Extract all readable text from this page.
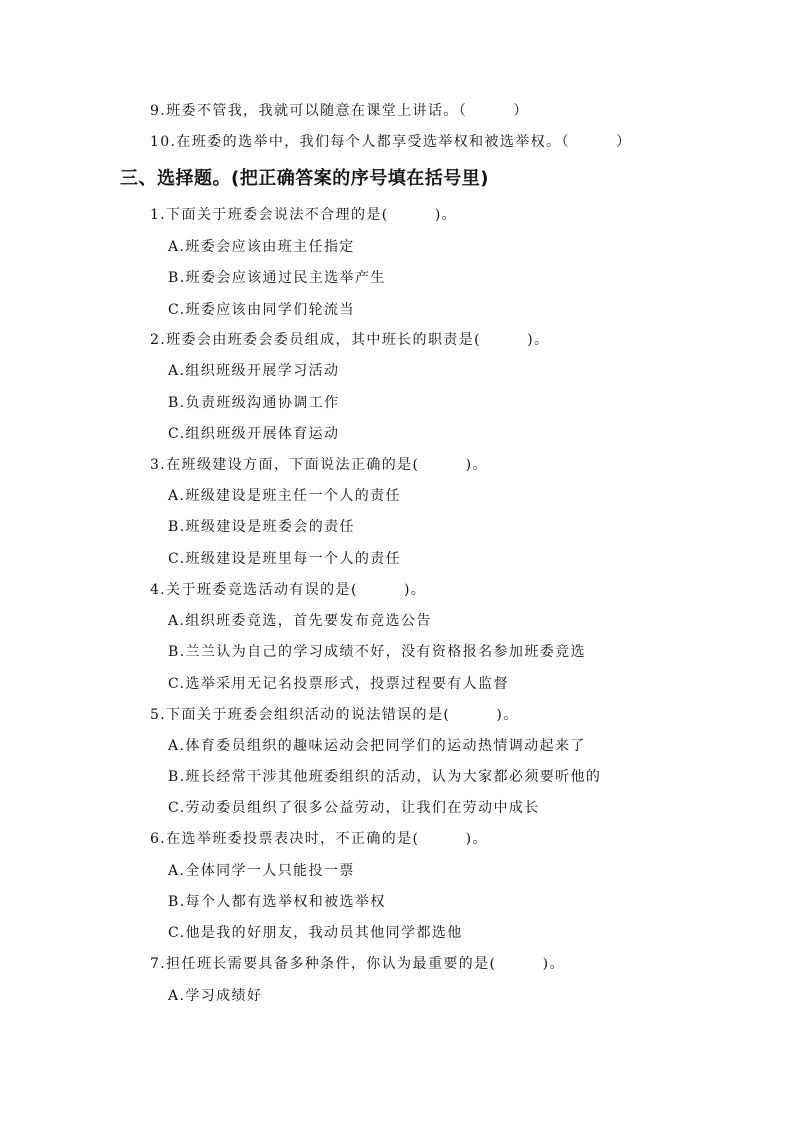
9.班委不管我，我就可以随意在课堂上讲话。（　　　）
10.在班委的选举中，我们每个人都享受选举权和被选举权。（　　　）
三、选择题。(把正确答案的序号填在括号里)
1.下面关于班委会说法不合理的是(　　　)。
A.班委会应该由班主任指定
B.班委会应该通过民主选举产生
C.班委应该由同学们轮流当
2.班委会由班委会委员组成，其中班长的职责是(　　　)。
A.组织班级开展学习活动
B.负责班级沟通协调工作
C.组织班级开展体育运动
3.在班级建设方面，下面说法正确的是(　　　)。
A.班级建设是班主任一个人的责任
B.班级建设是班委会的责任
C.班级建设是班里每一个人的责任
4.关于班委竞选活动有误的是(　　　)。
A.组织班委竞选，首先要发布竞选公告
B.兰兰认为自己的学习成绩不好，没有资格报名参加班委竞选
C.选举采用无记名投票形式，投票过程要有人监督
5.下面关于班委会组织活动的说法错误的是(　　　)。
A.体育委员组织的趣味运动会把同学们的运动热情调动起来了
B.班长经常干涉其他班委组织的活动，认为大家都必须要听他的
C.劳动委员组织了很多公益劳动，让我们在劳动中成长
6.在选举班委投票表决时，不正确的是(　　　)。
A.全体同学一人只能投一票
B.每个人都有选举权和被选举权
C.他是我的好朋友，我动员其他同学都选他
7.担任班长需要具备多种条件，你认为最重要的是(　　　)。
A.学习成绩好
